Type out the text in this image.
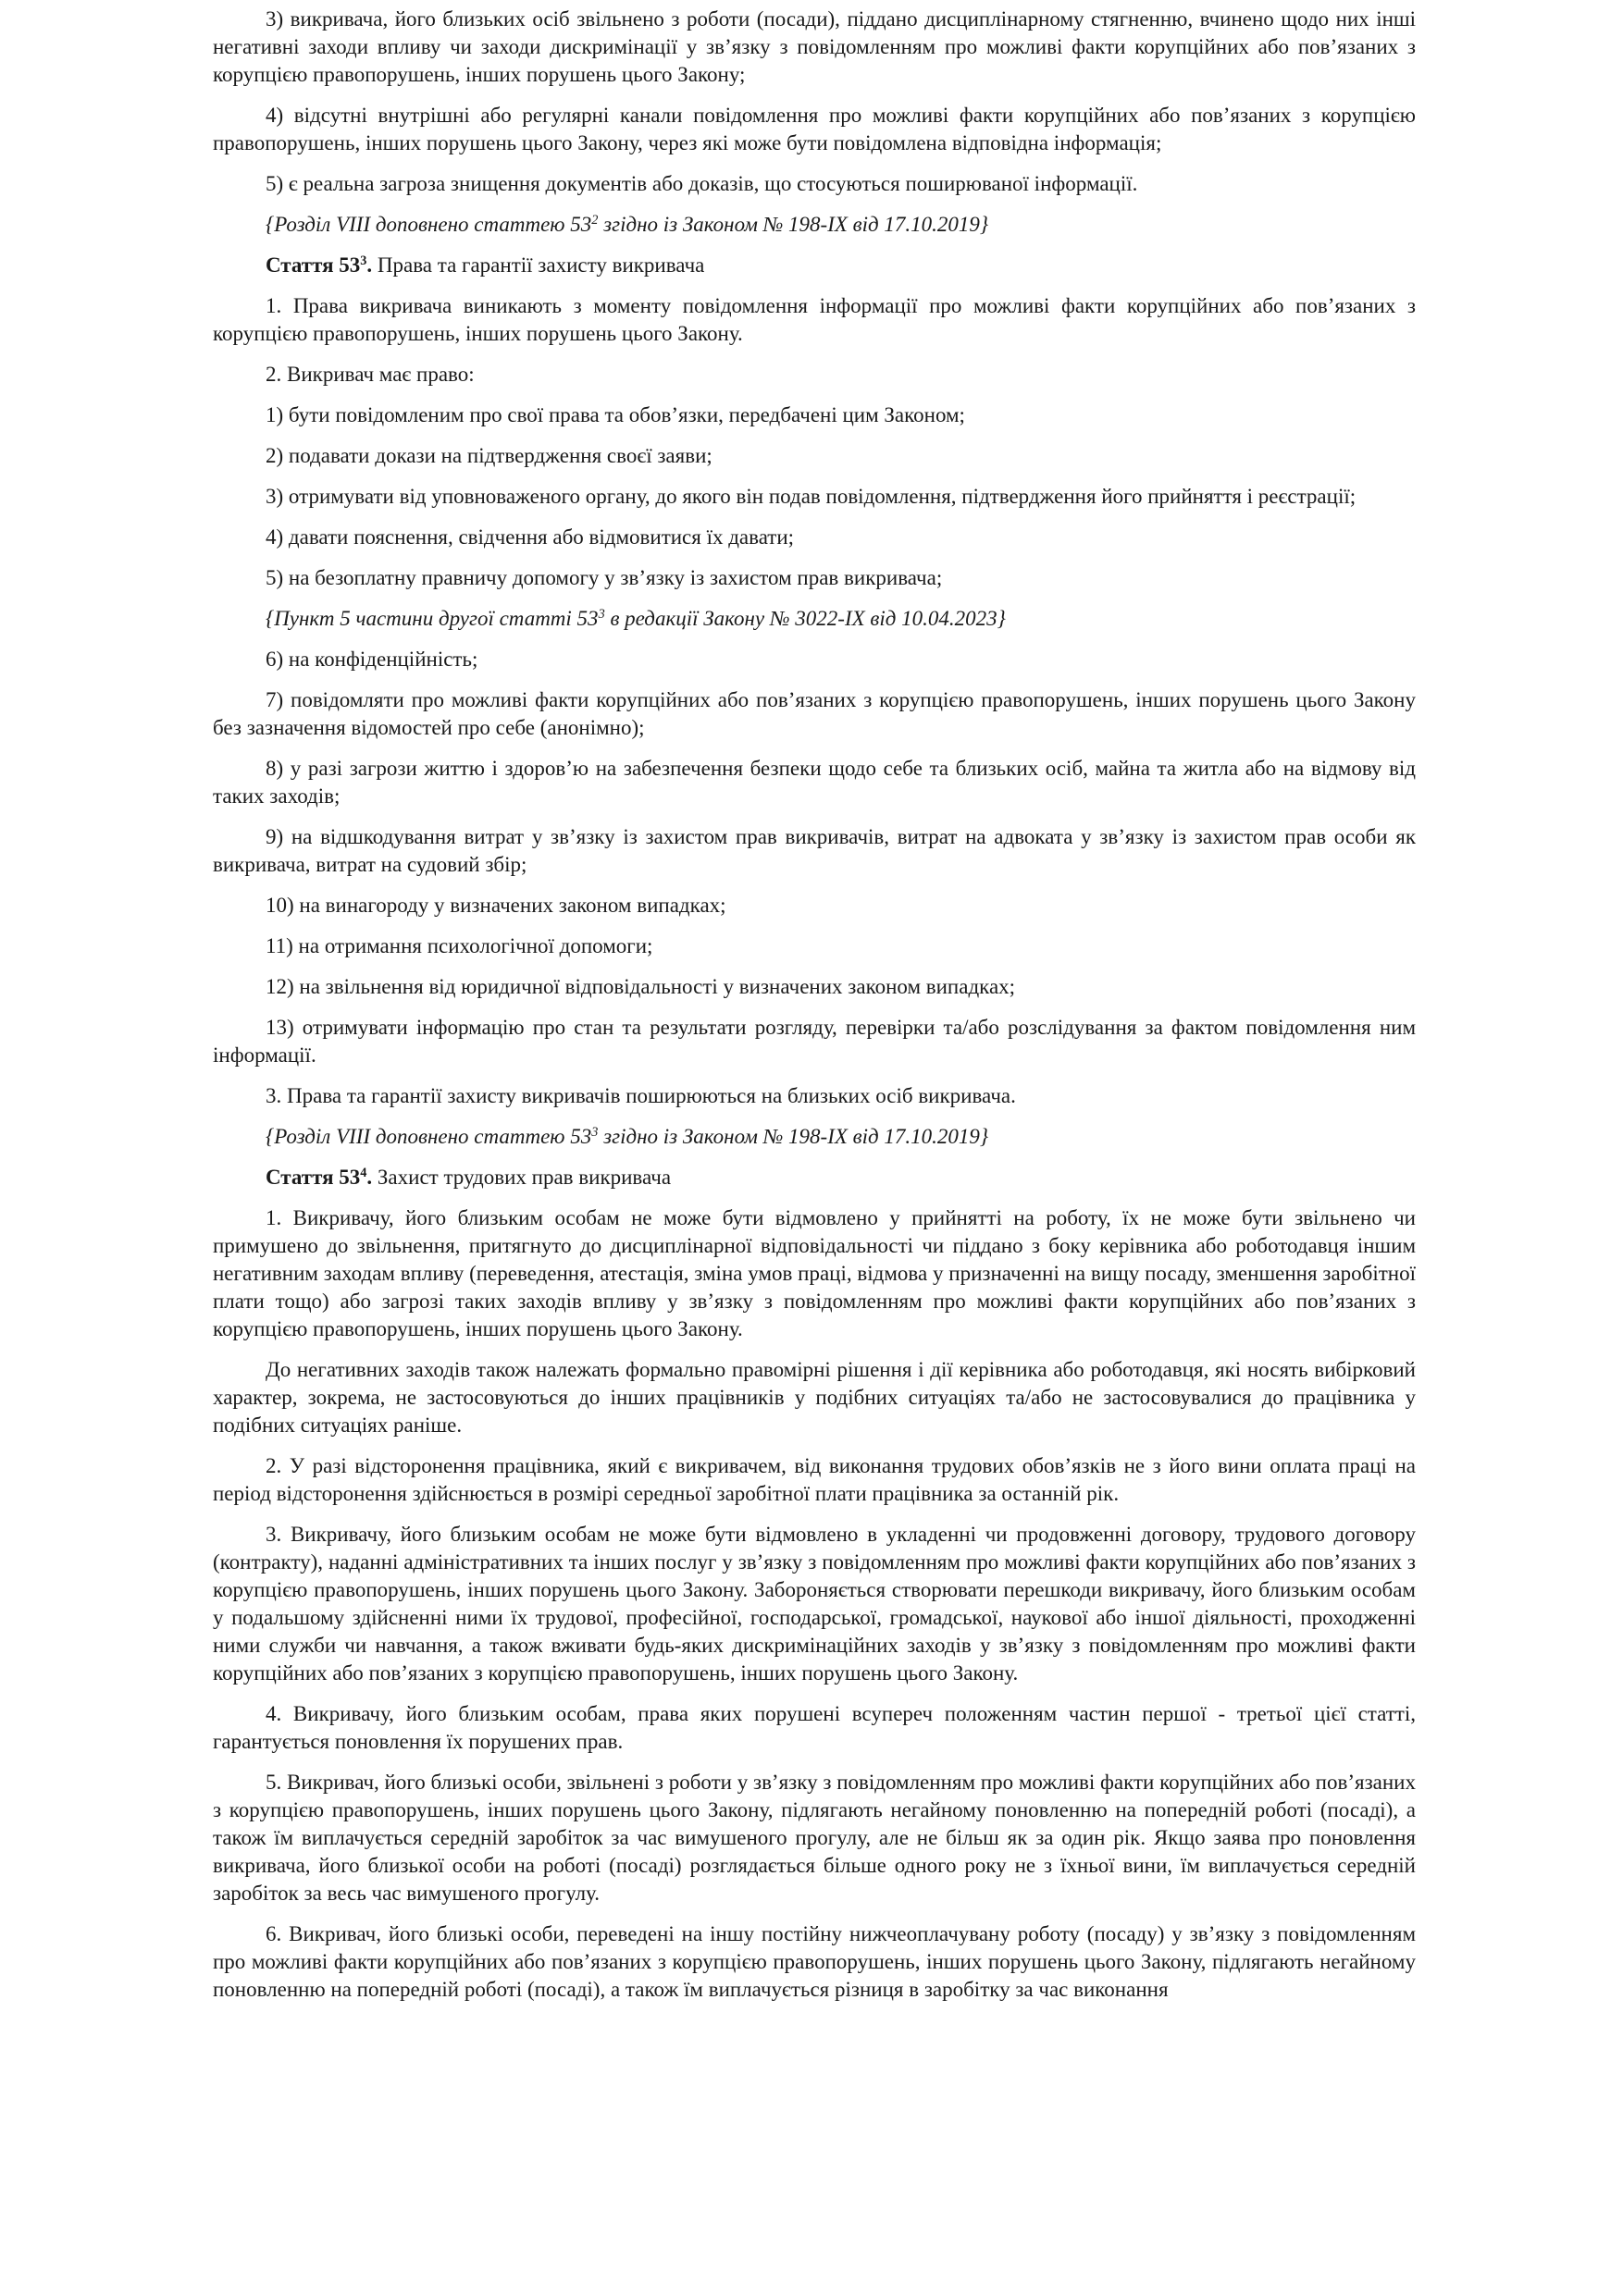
3) викривача, його близьких осіб звільнено з роботи (посади), піддано дисциплінарному стягненню, вчинено щодо них інші негативні заходи впливу чи заходи дискримінації у зв’язку з повідомленням про можливі факти корупційних або пов’язаних з корупцією правопорушень, інших порушень цього Закону;

4) відсутні внутрішні або регулярні канали повідомлення про можливі факти корупційних або пов’язаних з корупцією правопорушень, інших порушень цього Закону, через які може бути повідомлена відповідна інформація;

5) є реальна загроза знищення документів або доказів, що стосуються поширюваної інформації.

{Розділ VIII доповнено статтею $53^2$ згідно із Законом № 198-IX від 17.10.2019}

Стаття $53^3$. Права та гарантії захисту викривача

1. Права викривача виникають з моменту повідомлення інформації про можливі факти корупційних або пов’язаних з корупцією правопорушень, інших порушень цього Закону.

2. Викривач має право:

1) бути повідомленим про свої права та обов’язки, передбачені цим Законом;

2) подавати докази на підтвердження своєї заяви;

3) отримувати від уповноваженого органу, до якого він подав повідомлення, підтвердження його прийняття і реєстрації;

4) давати пояснення, свідчення або відмовитися їх давати;

5) на безоплатну правничу допомогу у зв’язку із захистом прав викривача;

{Пункт 5 частини другої статті $53^3$ в редакції Закону № 3022-IX від 10.04.2023}

6) на конфіденційність;

7) повідомляти про можливі факти корупційних або пов’язаних з корупцією правопорушень, інших порушень цього Закону без зазначення відомостей про себе (анонімно);

8) у разі загрози життю і здоров’ю на забезпечення безпеки щодо себе та близьких осіб, майна та житла або на відмову від таких заходів;

9) на відшкодування витрат у зв’язку із захистом прав викривачів, витрат на адвоката у зв’язку із захистом прав особи як викривача, витрат на судовий збір;

10) на винагороду у визначених законом випадках;

11) на отримання психологічної допомоги;

12) на звільнення від юридичної відповідальності у визначених законом випадках;

13) отримувати інформацію про стан та результати розгляду, перевірки та/або розслідування за фактом повідомлення ним інформації.

3. Права та гарантії захисту викривачів поширюються на близьких осіб викривача.

{Розділ VIII доповнено статтею $53^3$ згідно із Законом № 198-IX від 17.10.2019}

Стаття $53^4$. Захист трудових прав викривача

1. Викривачу, його близьким особам не може бути відмовлено у прийнятті на роботу, їх не може бути звільнено чи примушено до звільнення, притягнуто до дисциплінарної відповідальності чи піддано з боку керівника або роботодавця іншим негативним заходам впливу (переведення, атестація, зміна умов праці, відмова у призначенні на вищу посаду, зменшення заробітної плати тощо) або загрозі таких заходів впливу у зв’язку з повідомленням про можливі факти корупційних або пов’язаних з корупцією правопорушень, інших порушень цього Закону.

До негативних заходів також належать формально правомірні рішення і дії керівника або роботодавця, які носять вибірковий характер, зокрема, не застосовуються до інших працівників у подібних ситуаціях та/або не застосовувалися до працівника у подібних ситуаціях раніше.

2. У разі відсторонення працівника, який є викривачем, від виконання трудових обов’язків не з його вини оплата праці на період відсторонення здійснюється в розмірі середньої заробітної плати працівника за останній рік.

3. Викривачу, його близьким особам не може бути відмовлено в укладенні чи продовженні договору, трудового договору (контракту), наданні адміністративних та інших послуг у зв’язку з повідомленням про можливі факти корупційних або пов’язаних з корупцією правопорушень, інших порушень цього Закону. Забороняється створювати перешкоди викривачу, його близьким особам у подальшому здійсненні ними їх трудової, професійної, господарської, громадської, наукової або іншої діяльності, проходженні ними служби чи навчання, а також вживати будь-яких дискримінаційних заходів у зв’язку з повідомленням про можливі факти корупційних або пов’язаних з корупцією правопорушень, інших порушень цього Закону.

4. Викривачу, його близьким особам, права яких порушені всупереч положенням частин першої - третьої цієї статті, гарантується поновлення їх порушених прав.

5. Викривач, його близькі особи, звільнені з роботи у зв’язку з повідомленням про можливі факти корупційних або пов’язаних з корупцією правопорушень, інших порушень цього Закону, підлягають негайному поновленню на попередній роботі (посаді), а також їм виплачується середній заробіток за час вимушеного прогулу, але не більш як за один рік. Якщо заява про поновлення викривача, його близької особи на роботі (посаді) розглядається більше одного року не з їхньої вини, їм виплачується середній заробіток за весь час вимушеного прогулу.

6. Викривач, його близькі особи, переведені на іншу постійну нижчеоплачувану роботу (посаду) у зв’язку з повідомленням про можливі факти корупційних або пов’язаних з корупцією правопорушень, інших порушень цього Закону, підлягають негайному поновленню на попередній роботі (посаді), а також їм виплачується різниця в заробітку за час виконання
